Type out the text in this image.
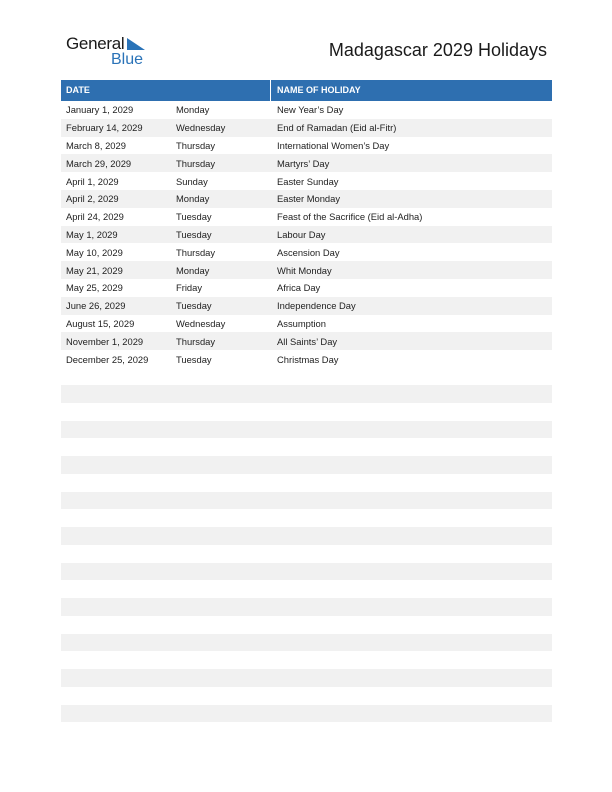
General
Blue	Madagascar 2029 Holidays
DATE	NAME OF HOLIDAY
January 1, 2029	Monday	New Year’s Day
February 14, 2029	Wednesday	End of Ramadan (Eid al-Fitr)
March 8, 2029	Thursday	International Women’s Day
March 29, 2029	Thursday	Martyrs’ Day
April 1, 2029	Sunday	Easter Sunday
April 2, 2029	Monday	Easter Monday
April 24, 2029	Tuesday	Feast of the Sacrifice (Eid al-Adha)
May 1, 2029	Tuesday	Labour Day
May 10, 2029	Thursday	Ascension Day
May 21, 2029	Monday	Whit Monday
May 25, 2029	Friday	Africa Day
June 26, 2029	Tuesday	Independence Day
August 15, 2029	Wednesday	Assumption
November 1, 2029	Thursday	All Saints’ Day
December 25, 2029	Tuesday	Christmas Day
